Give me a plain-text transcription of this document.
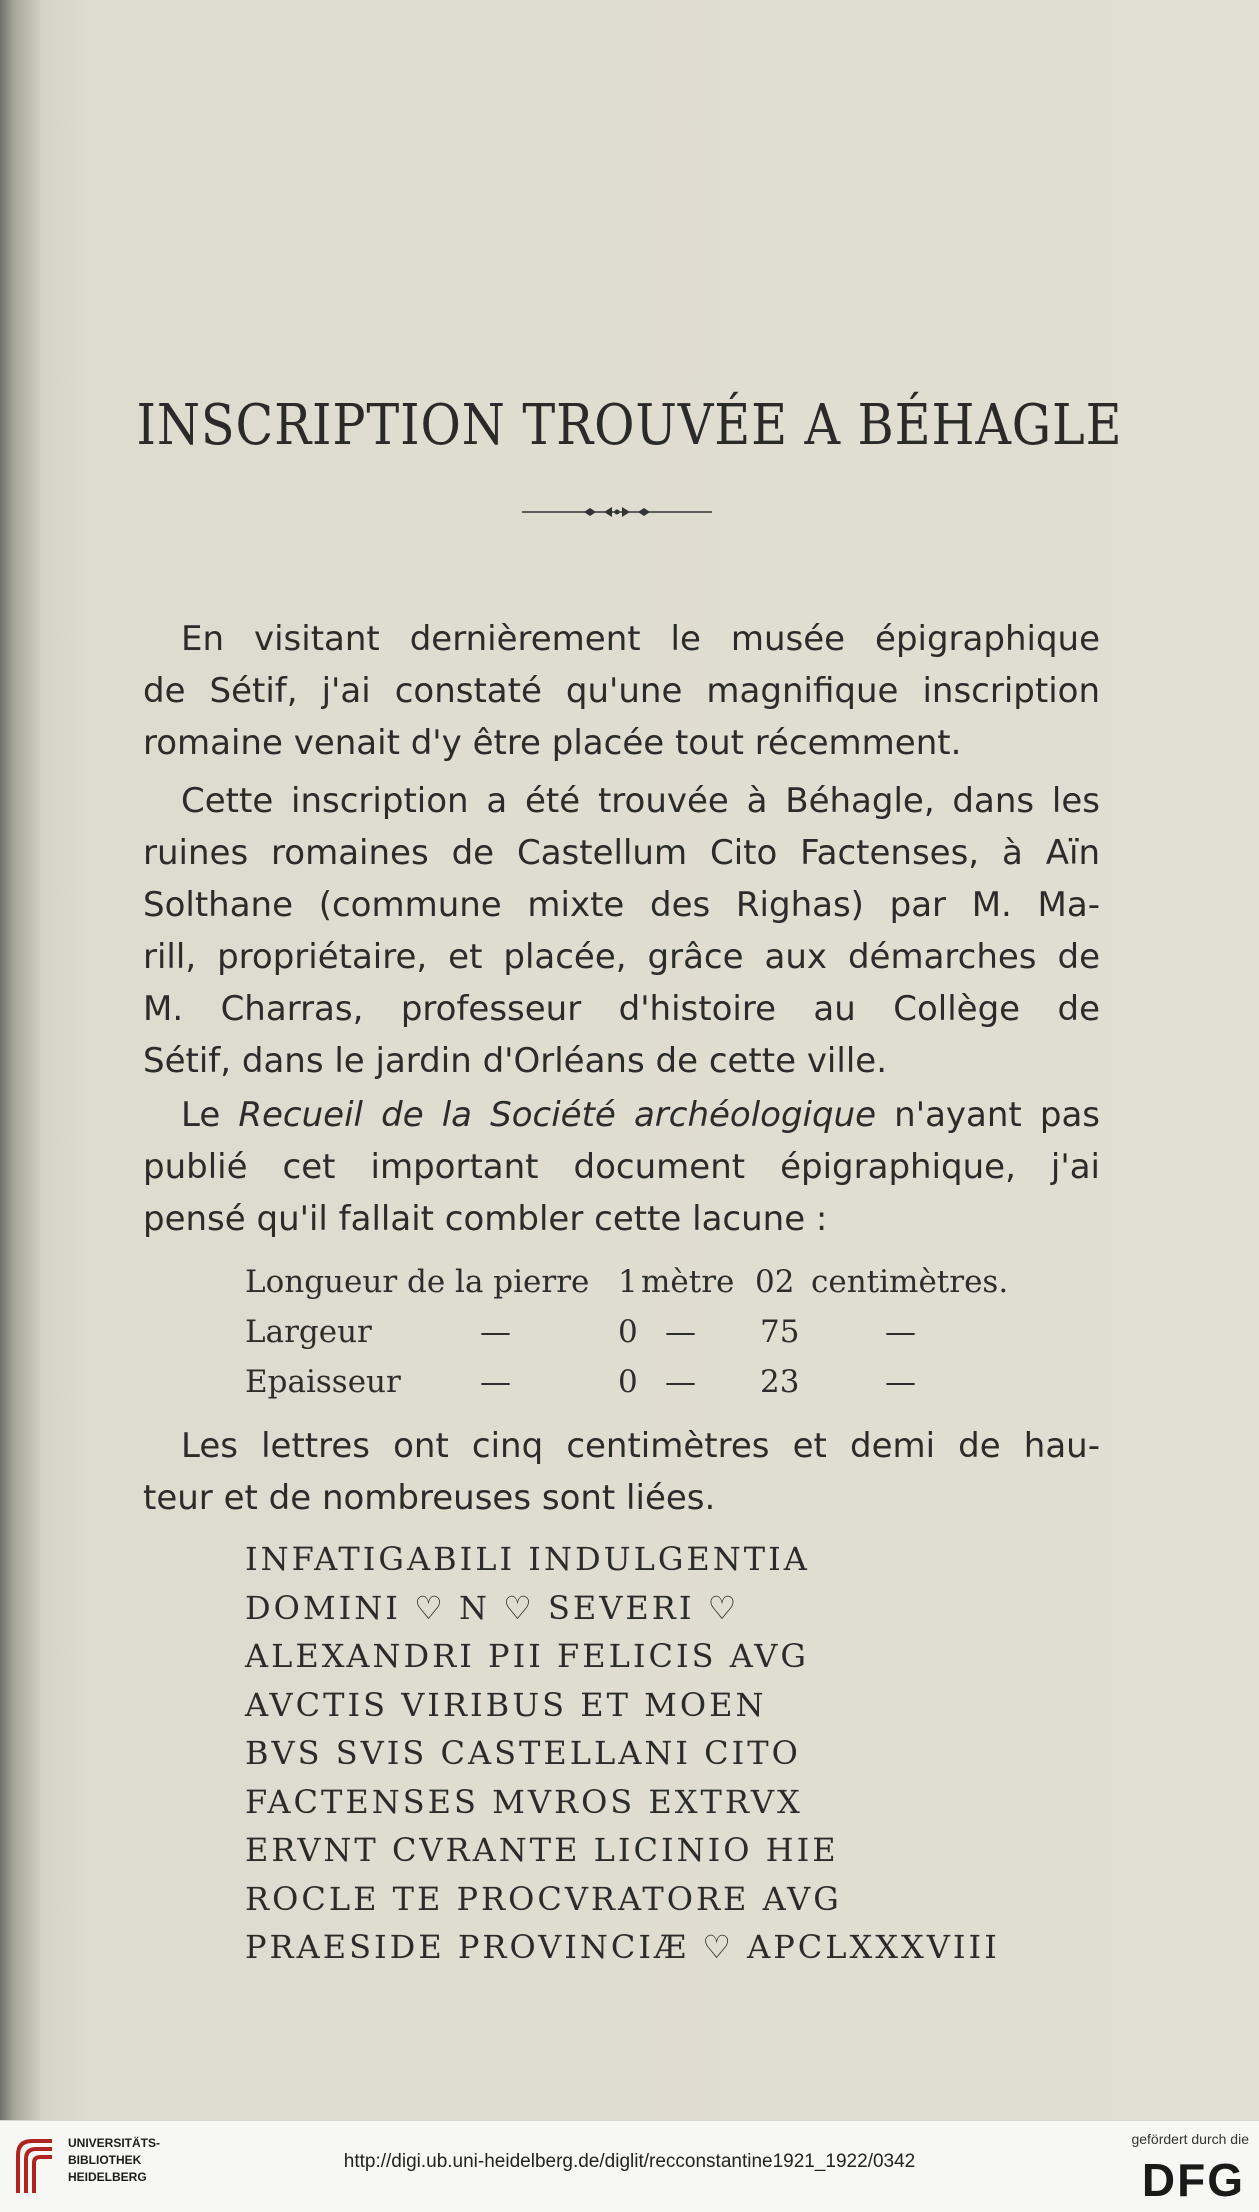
INSCRIPTION TROUVÉE A BÉHAGLE
En visitant dernièrement le musée épigraphique
de Sétif, j'ai constaté qu'une magnifique inscription
romaine venait d'y être placée tout récemment.
Cette inscription a été trouvée à Béhagle, dans les
ruines romaines de Castellum Cito Factenses, à Aïn
Solthane (commune mixte des Righas) par M. Ma-
rill, propriétaire, et placée, grâce aux démarches de
M. Charras, professeur d'histoire au Collège de
Sétif, dans le jardin d'Orléans de cette ville.
Le Recueil de la Société archéologique n'ayant pas
publié cet important document épigraphique, j'ai
pensé qu'il fallait combler cette lacune :
Longueur de la pierre 1 mètre 02 centimètres.
Largeur	—	0 — 75	—
Epaisseur	—	0 — 23	—
Les lettres ont cinq centimètres et demi de hau-
teur et de nombreuses sont liées.
INFATIGABILI INDULGENTIA
DOMINI ♡ N ♡ SEVERI ♡
ALEXANDRI PII FELICIS AVG
AVCTIS VIRIBUS ET MOEN
BVS SVIS CASTELLANI CITO
FACTENSES MVROS EXTRVX
ERVNT CVRANTE LICINIO HIE
ROCLE TE PROCVRATORE AVG
PRAESIDE PROVINCIÆ ♡ APCLXXXVIII
UNIVERSITÄTS-
BIBLIOTHEK
HEIDELBERG
http://digi.ub.uni-heidelberg.de/diglit/recconstantine1921_1922/0342
gefördert durch die
DFG
